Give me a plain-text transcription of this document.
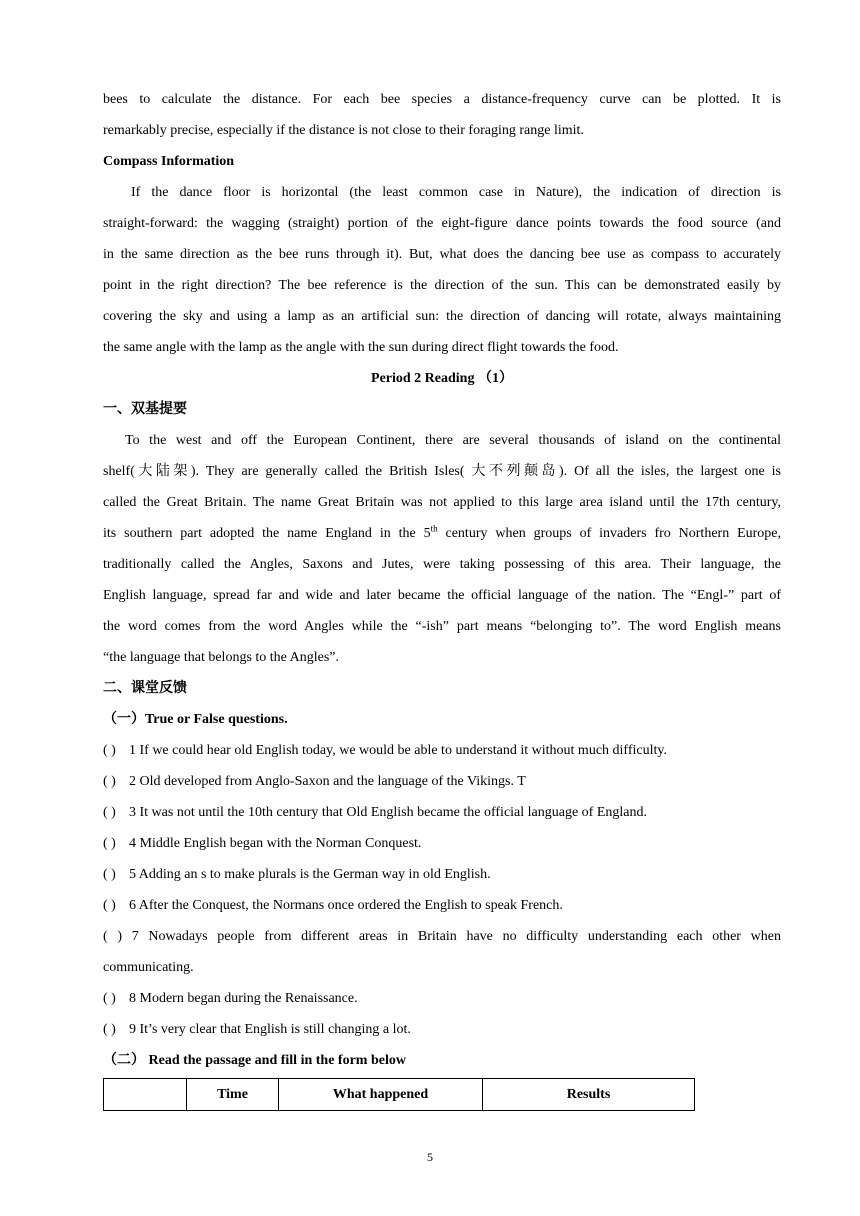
bees to calculate the distance. For each bee species a distance-frequency curve can be plotted. It is

remarkably precise, especially if the distance is not close to their foraging range limit.

Compass Information

If the dance floor is horizontal (the least common case in Nature), the indication of direction is

straight-forward: the wagging (straight) portion of the eight-figure dance points towards the food source (and

in the same direction as the bee runs through it). But, what does the dancing bee use as compass to accurately

point in the right direction? The bee reference is the direction of the sun. This can be demonstrated easily by

covering the sky and using a lamp as an artificial sun: the direction of dancing will rotate, always maintaining

the same angle with the lamp as the angle with the sun during direct flight towards the food.

Period 2 Reading （1）

一、双基提要

To the west and off the European Continent, there are several thousands of island on the continental

shelf(大陆架). They are generally called the British Isles( 大不列颠岛). Of all the isles, the largest one is

called the Great Britain. The name Great Britain was not applied to this large area island until the 17th century,

its southern part adopted the name England in the 5th century when groups of invaders fro Northern Europe,

traditionally called the Angles, Saxons and Jutes, were taking possessing of this area. Their language, the

English language, spread far and wide and later became the official language of the nation. The “Engl-” part of

the word comes from the word Angles while the “-ish” part means “belonging to”. The word English means

“the language that belongs to the Angles”.

二、课堂反馈

（一）True or False questions.

( ) 1 If we could hear old English today, we would be able to understand it without much difficulty.
( ) 2 Old developed from Anglo-Saxon and the language of the Vikings. T
( ) 3 It was not until the 10th century that Old English became the official language of England.
( ) 4 Middle English began with the Norman Conquest.
( ) 5 Adding an s to make plurals is the German way in old English.
( ) 6 After the Conquest, the Normans once ordered the English to speak French.

( ) 7 Nowadays people from different areas in Britain have no difficulty understanding each other when

communicating.

( ) 8 Modern began during the Renaissance.
( ) 9 It’s very clear that English is still changing a lot.

（二） Read the passage and fill in the form below

	Time	What happened	Results
5
